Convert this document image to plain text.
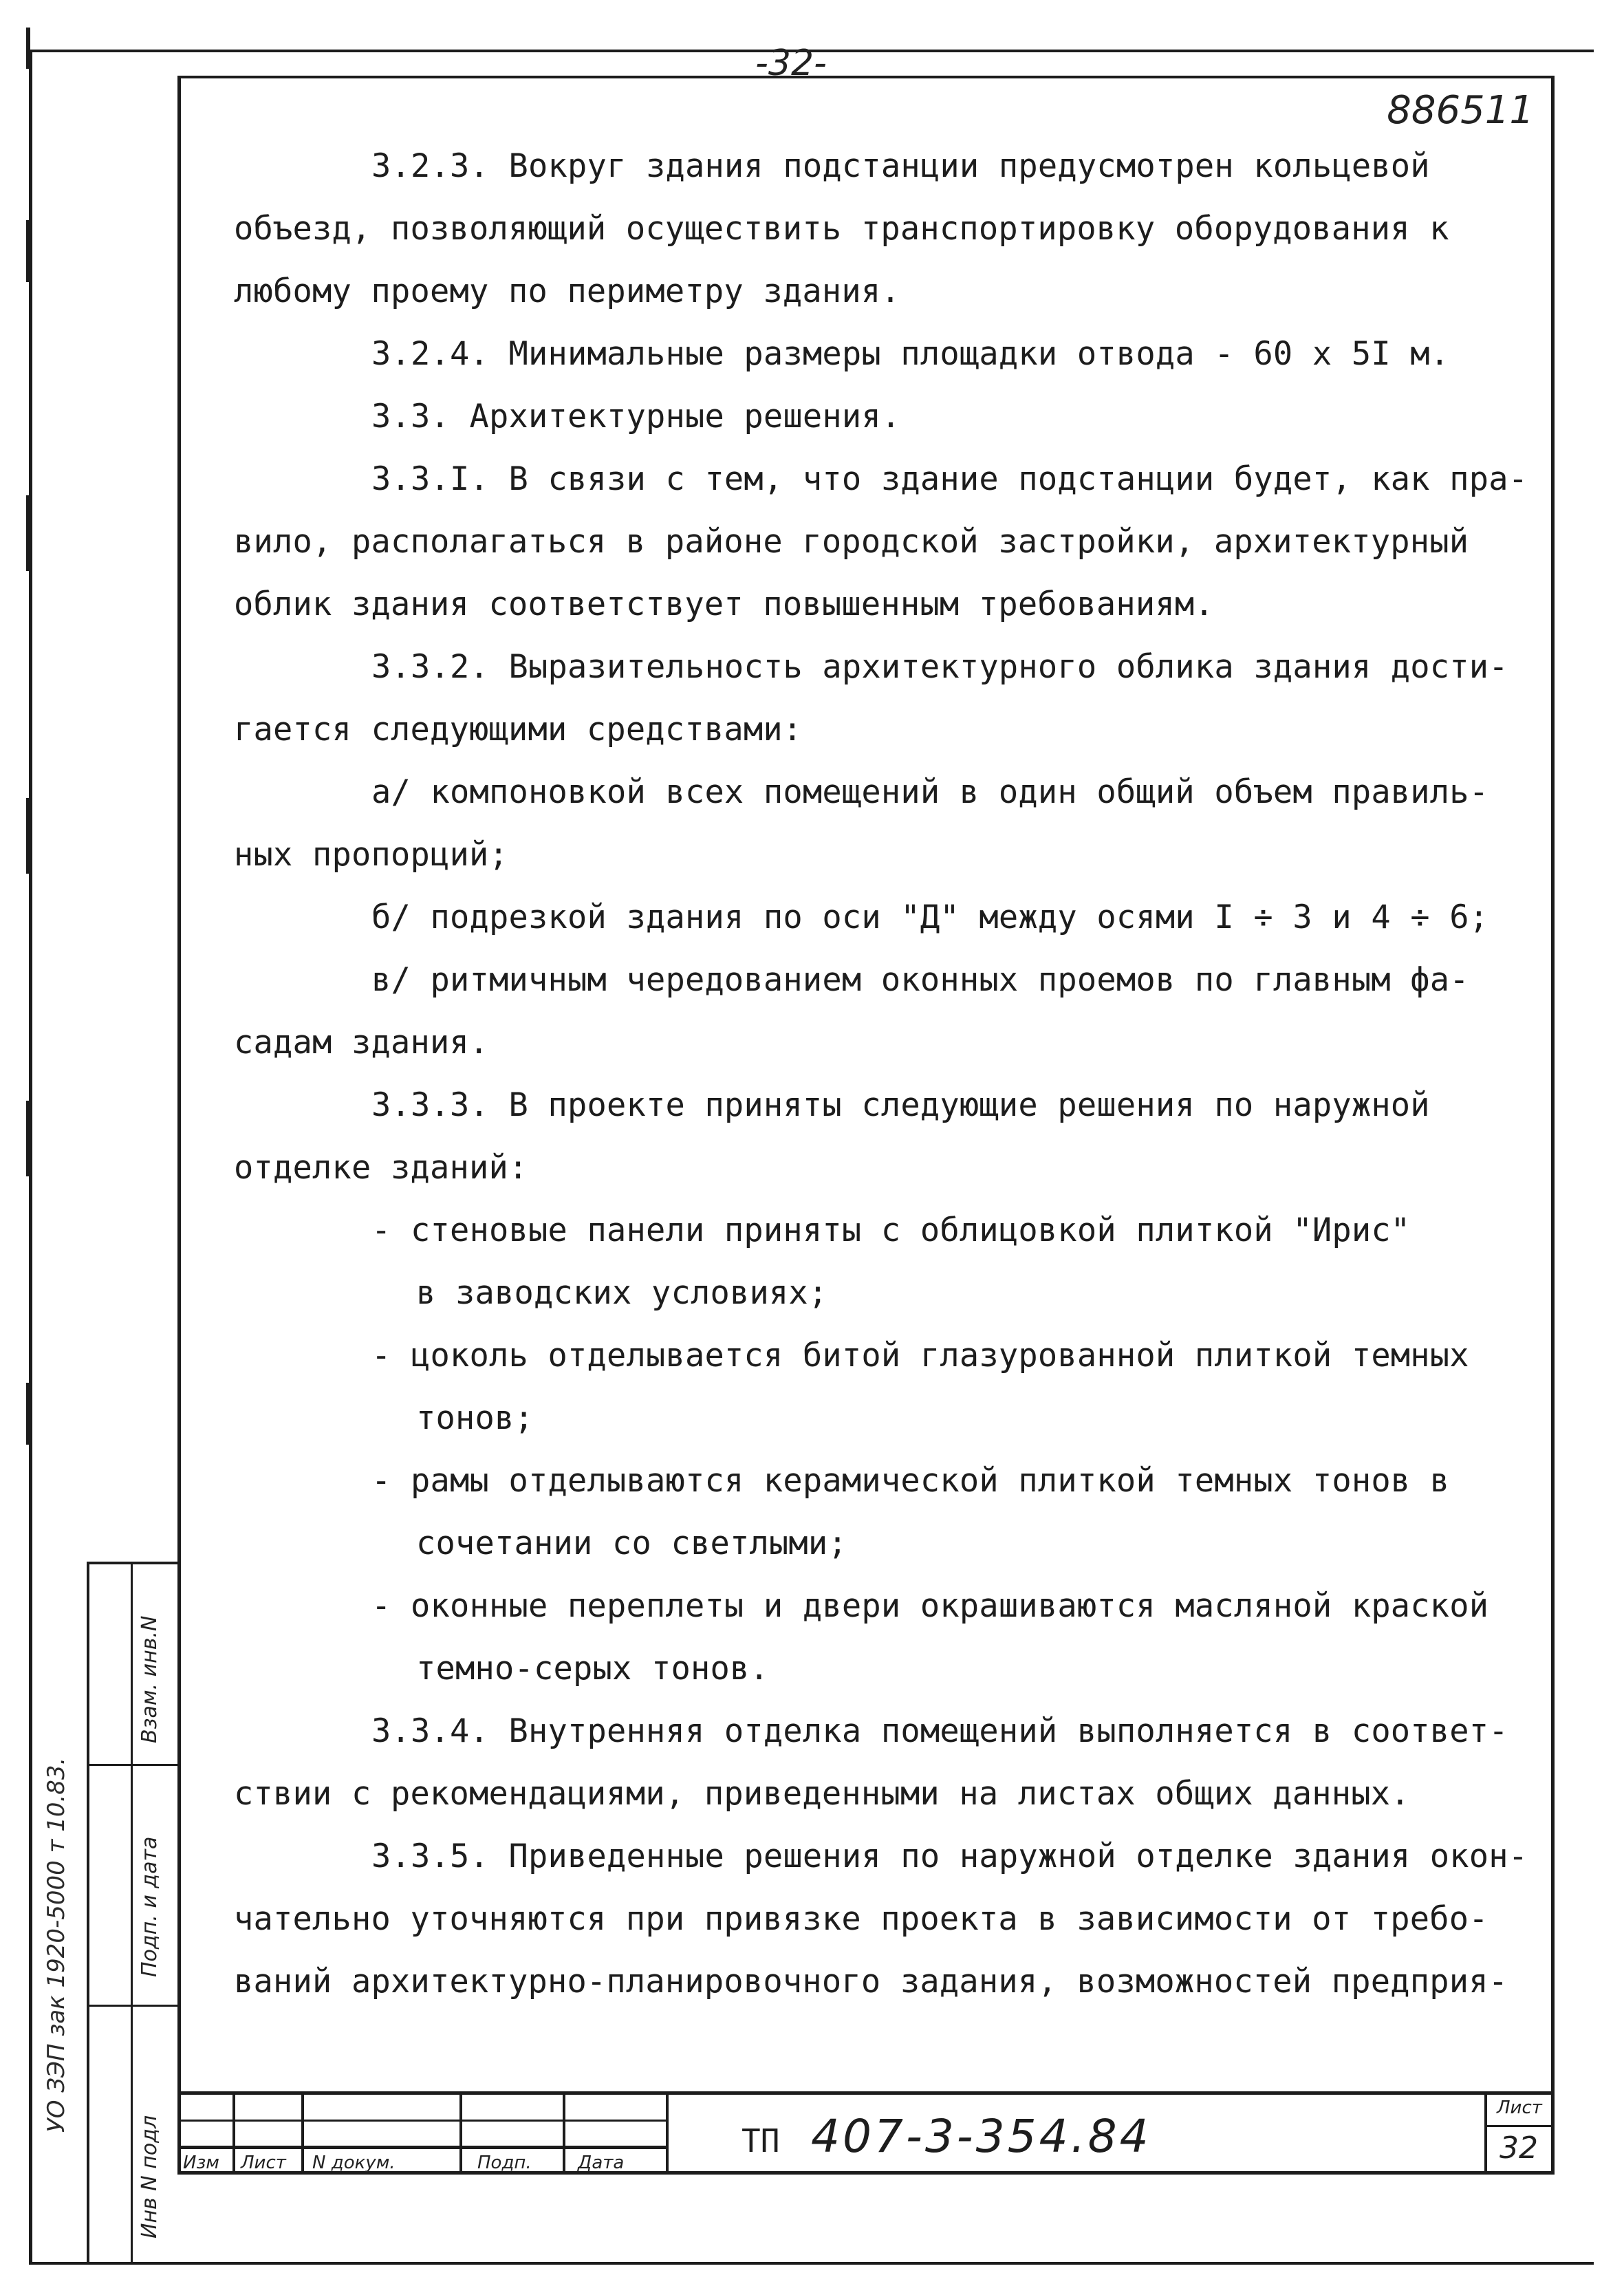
-32-
886511
3.2.3. Вокруг здания подстанции предусмотрен кольцевой
объезд, позволяющий осуществить транспортировку оборудования к
любому проему по периметру здания.
3.2.4. Минимальные размеры площадки отвода - 60 х 5I м.
3.3. Архитектурные решения.
3.3.I. В связи с тем, что здание подстанции будет, как пра-
вило, располагаться в районе городской застройки, архитектурный
облик здания соответствует повышенным требованиям.
3.3.2. Выразительность архитектурного облика здания дости-
гается следующими средствами:
а/ компоновкой всех помещений в один общий объем правиль-
ных пропорций;
б/ подрезкой здания по оси "Д" между осями I ÷ 3 и 4 ÷ 6;
в/ ритмичным чередованием оконных проемов по главным фа-
садам здания.
3.3.3. В проекте приняты следующие решения по наружной
отделке зданий:
- стеновые панели приняты с облицовкой плиткой "Ирис"
в заводских условиях;
- цоколь отделывается битой глазурованной плиткой темных
тонов;
- рамы отделываются керамической плиткой темных тонов в
сочетании со светлыми;
- оконные переплеты и двери окрашиваются масляной краской
темно-серых тонов.
3.3.4. Внутренняя отделка помещений выполняется в соответ-
ствии с рекомендациями, приведенными на листах общих данных.
3.3.5. Приведенные решения по наружной отделке здания окон-
чательно уточняются при привязке проекта в зависимости от требо-
ваний архитектурно-планировочного задания, возможностей предприя-
Взам. инв.N
Подп. и дата
Инв N подл
УО ЗЭП зак 1920-5000 т 10.83.
Изм Лист N докум.	Подп.	Дата
ТП 407-3-354.84
Лист
32
